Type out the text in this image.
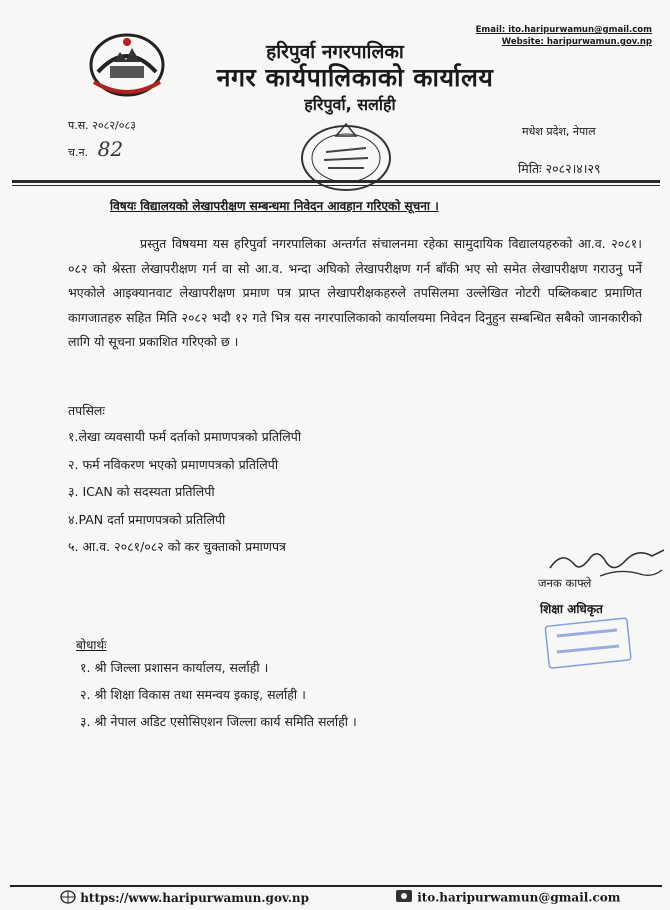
Email: ito.haripurwamun@gmail.com
Website: haripurwamun.gov.np
हरिपुर्वा नगरपालिका
नगर कार्यपालिकाको कार्यालय
हरिपुर्वा, सर्लाही
प.स. २०८२/०८३
च.न. 82
मधेश प्रदेश, नेपाल
मितिः २०८२।४।२९
विषयः विद्यालयको लेखापरीक्षण सम्बन्धमा निवेदन आवहान गरिएको सूचना ।
प्रस्तुत विषयमा यस हरिपुर्वा नगरपालिका अन्तर्गत संचालनमा रहेका सामुदायिक विद्यालयहरुको आ.व. २०८१।०८२ को श्रेस्ता लेखापरीक्षण गर्न वा सो आ.व. भन्दा अघिको लेखापरीक्षण गर्न बाँकी भए सो समेत लेखापरीक्षण गराउनु पर्ने भएकोले आइक्यानवाट लेखापरीक्षण प्रमाण पत्र प्राप्त लेखापरीक्षकहरुले तपसिलमा उल्लेखित नोटरी पब्लिकबाट प्रमाणित कागजातहरु सहित मिति २०८२ भदौ १२ गते भित्र यस नगरपालिकाको कार्यालयमा निवेदन दिनुहुन सम्बन्धित सबैको जानकारीको लागि यो सूचना प्रकाशित गरिएको छ ।
तपसिलः
१.लेखा व्यवसायी फर्म दर्ताको प्रमाणपत्रको प्रतिलिपी
२. फर्म नविकरण भएको प्रमाणपत्रको प्रतिलिपी
३. ICAN को सदस्यता प्रतिलिपी
४.PAN दर्ता प्रमाणपत्रको प्रतिलिपी
५. आ.व. २०८१/०८२ को कर चुक्ताको प्रमाणपत्र
जनक काफ्ले
शिक्षा अधिकृत
बोधार्थः
१. श्री जिल्ला प्रशासन कार्यालय, सर्लाही ।
२. श्री शिक्षा विकास तथा समन्वय इकाइ, सर्लाही ।
३. श्री नेपाल अडिट एसोसिएशन जिल्ला कार्य समिति सर्लाही ।
https://www.haripurwamun.gov.np	ito.haripurwamun@gmail.com
